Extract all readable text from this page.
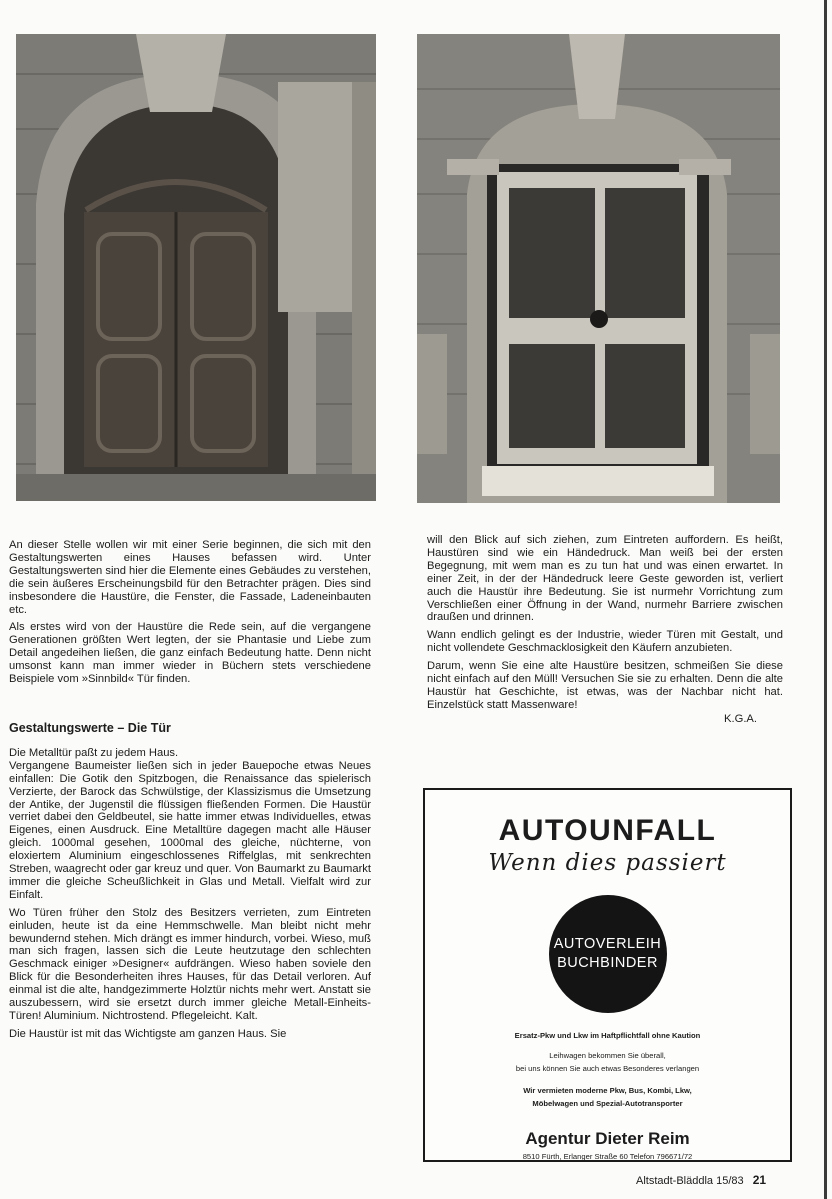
An dieser Stelle wollen wir mit einer Serie beginnen, die sich mit den Gestaltungswerten eines Hauses befassen wird. Unter Gestaltungswerten sind hier die Elemente eines Gebäudes zu verstehen, die sein äußeres Erscheinungsbild für den Betrachter prägen. Dies sind insbesondere die Haustüre, die Fenster, die Fassade, Ladeneinbauten etc.

Als erstes wird von der Haustüre die Rede sein, auf die vergangene Generationen größten Wert legten, der sie Phantasie und Liebe zum Detail angedeihen ließen, die ganz einfach Bedeutung hatte. Denn nicht umsonst kann man immer wieder in Büchern stets verschiedene Beispiele vom »Sinnbild« Tür finden.

Gestaltungswerte – Die Tür

Die Metalltür paßt zu jedem Haus.

Vergangene Baumeister ließen sich in jeder Bauepoche etwas Neues einfallen: Die Gotik den Spitzbogen, die Renaissance das spielerisch Verzierte, der Barock das Schwülstige, der Klassizismus die Umsetzung der Antike, der Jugenstil die flüssigen fließenden Formen. Die Haustür verriet dabei den Geldbeutel, sie hatte immer etwas Individuelles, etwas Eigenes, einen Ausdruck. Eine Metalltüre dagegen macht alle Häuser gleich. 1000mal gesehen, 1000mal des gleiche, nüchterne, von eloxiertem Aluminium eingeschlossenes Riffelglas, mit senkrechten Streben, waagrecht oder gar kreuz und quer. Von Baumarkt zu Baumarkt immer die gleiche Scheußlichkeit in Glas und Metall. Vielfalt wird zur Einfalt.

Wo Türen früher den Stolz des Besitzers verrieten, zum Eintreten einluden, heute ist da eine Hemmschwelle. Man bleibt nicht mehr bewundernd stehen. Mich drängt es immer hindurch, vorbei. Wieso, muß man sich fragen, lassen sich die Leute heutzutage den schlechten Geschmack einiger »Designer« aufdrängen. Wieso haben soviele den Blick für die Besonderheiten ihres Hauses, für das Detail verloren. Auf einmal ist die alte, handgezimmerte Holztür nichts mehr wert. Anstatt sie auszubessern, wird sie ersetzt durch immer gleiche Metall-Einheits-Türen! Aluminium. Nichtrostend. Pflegeleicht. Kalt.

Die Haustür ist mit das Wichtigste am ganzen Haus. Sie

will den Blick auf sich ziehen, zum Eintreten auffordern. Es heißt, Haustüren sind wie ein Händedruck. Man weiß bei der ersten Begegnung, mit wem man es zu tun hat und was einen erwartet. In einer Zeit, in der der Händedruck leere Geste geworden ist, verliert auch die Haustür ihre Bedeutung. Sie ist nurmehr Vorrichtung zum Verschließen einer Öffnung in der Wand, nurmehr Barriere zwischen draußen und drinnen.

Wann endlich gelingt es der Industrie, wieder Türen mit Gestalt, und nicht vollendete Geschmacklosigkeit den Käufern anzubieten.

Darum, wenn Sie eine alte Haustüre besitzen, schmeißen Sie diese nicht einfach auf den Müll! Versuchen Sie sie zu erhalten. Denn die alte Haustür hat Geschichte, ist etwas, was der Nachbar nicht hat. Einzelstück statt Massenware!

K.G.A.
AUTOUNFALL
Wenn dies passiert
AUTOVERLEIH
BUCHBINDER
Ersatz-Pkw und Lkw im Haftpflichtfall ohne Kaution
Leihwagen bekommen Sie überall,
bei uns können Sie auch etwas Besonderes verlangen
Wir vermieten moderne Pkw, Bus, Kombi, Lkw,
Möbelwagen und Spezial-Autotransporter
Agentur Dieter Reim
8510 Fürth, Erlanger Straße 60 Telefon 796671/72
Altstadt-Bläddla 15/83 21
